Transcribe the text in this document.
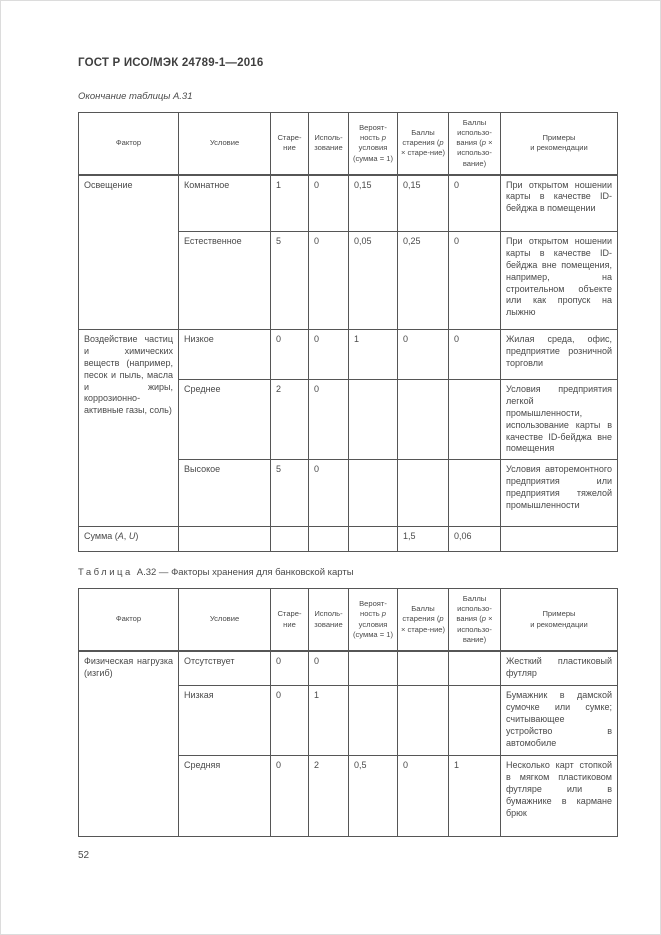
ГОСТ Р ИСО/МЭК 24789-1—2016
Окончание таблицы А.31
Фактор	Условие	Старе-ние	Исполь-зование	Вероят-ность p условия (сумма = 1)	Баллы старения (p × старе-ние)	Баллы использо-вания (p × использо-вание)	Примеры
и рекомендации

Освещение	Комнатное	1	0	0,15	0,15	0	При открытом ношении карты в качестве ID-бейджа в помещении
	Естественное	5	0	0,05	0,25	0	При открытом ношении карты в качестве ID-бейджа вне помещения, например, на строительном объекте или как пропуск на лыжню
Воздействие частиц и химических веществ (например, песок и пыль, масла и жиры, коррозионно-активные газы, соль)	Низкое	0	0	1	0	0	Жилая среда, офис, предприятие розничной торговли
	Среднее	2	0				Условия предприятия легкой промышленности, использование карты в качестве ID-бейджа вне помещения
	Высокое	5	0				Условия авторемонтного предприятия или предприятия тяжелой промышленности
Сумма (A, U)					1,5	0,06	
Таблица А.32 — Факторы хранения для банковской карты
Фактор	Условие	Старе-ние	Исполь-зование	Вероят-ность p условия (сумма = 1)	Баллы старения (p × старе-ние)	Баллы использо-вания (p × использо-вание)	Примеры
и рекомендации

Физическая нагрузка (изгиб)	Отсутствует	0	0				Жесткий пластиковый футляр
	Низкая	0	1				Бумажник в дамской сумочке или сумке; считывающее устройство в автомобиле
	Средняя	0	2	0,5	0	1	Несколько карт стопкой в мягком пластиковом футляре или в бумажнике в кармане брюк
52
